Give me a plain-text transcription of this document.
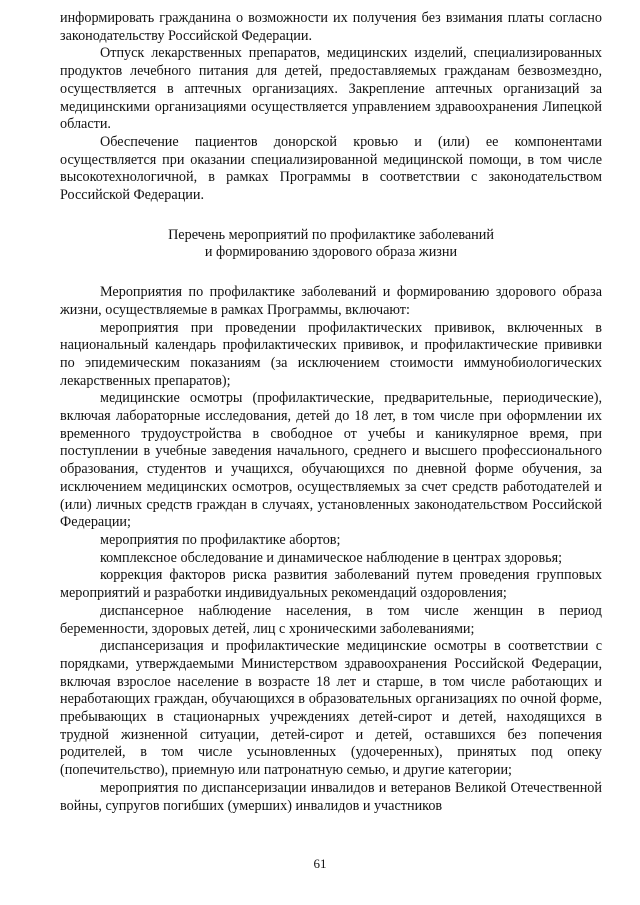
информировать гражданина о возможности их получения без взимания платы согласно законодательству Российской Федерации.

Отпуск лекарственных препаратов, медицинских изделий, специализированных продуктов лечебного питания для детей, предоставляемых гражданам безвозмездно, осуществляется в аптечных организациях. Закрепление аптечных организаций за медицинскими организациями осуществляется управлением здравоохранения Липецкой области.

Обеспечение пациентов донорской кровью и (или) ее компонентами осуществляется при оказании специализированной медицинской помощи, в том числе высокотехнологичной, в рамках Программы в соответствии с законодательством Российской Федерации.

Перечень мероприятий по профилактике заболеваний

и формированию здорового образа жизни

Мероприятия по профилактике заболеваний и формированию здорового образа жизни, осуществляемые в рамках Программы, включают:

мероприятия при проведении профилактических прививок, включенных в национальный календарь профилактических прививок, и профилактические прививки по эпидемическим показаниям (за исключением стоимости иммунобиологических лекарственных препаратов);

медицинские осмотры (профилактические, предварительные, периодические), включая лабораторные исследования, детей до 18 лет, в том числе при оформлении их временного трудоустройства в свободное от учебы и каникулярное время, при поступлении в учебные заведения начального, среднего и высшего профессионального образования, студентов и учащихся, обучающихся по дневной форме обучения, за исключением медицинских осмотров, осуществляемых за счет средств работодателей и (или) личных средств граждан в случаях, установленных законодательством Российской Федерации;

мероприятия по профилактике абортов;

комплексное обследование и динамическое наблюдение в центрах здоровья;

коррекция факторов риска развития заболеваний путем проведения групповых мероприятий и разработки индивидуальных рекомендаций оздоровления;

диспансерное наблюдение населения, в том числе женщин в период беременности, здоровых детей, лиц с хроническими заболеваниями;

диспансеризация и профилактические медицинские осмотры в соответствии с порядками, утверждаемыми Министерством здравоохранения Российской Федерации, включая взрослое население в возрасте 18 лет и старше, в том числе работающих и неработающих граждан, обучающихся в образовательных организациях по очной форме, пребывающих в стационарных учреждениях детей-сирот и детей, находящихся в трудной жизненной ситуации, детей-сирот и детей, оставшихся без попечения родителей, в том числе усыновленных (удочеренных), принятых под опеку (попечительство), приемную или патронатную семью, и другие категории;

мероприятия по диспансеризации инвалидов и ветеранов Великой Отечественной войны, супругов погибших (умерших) инвалидов и участников

61
